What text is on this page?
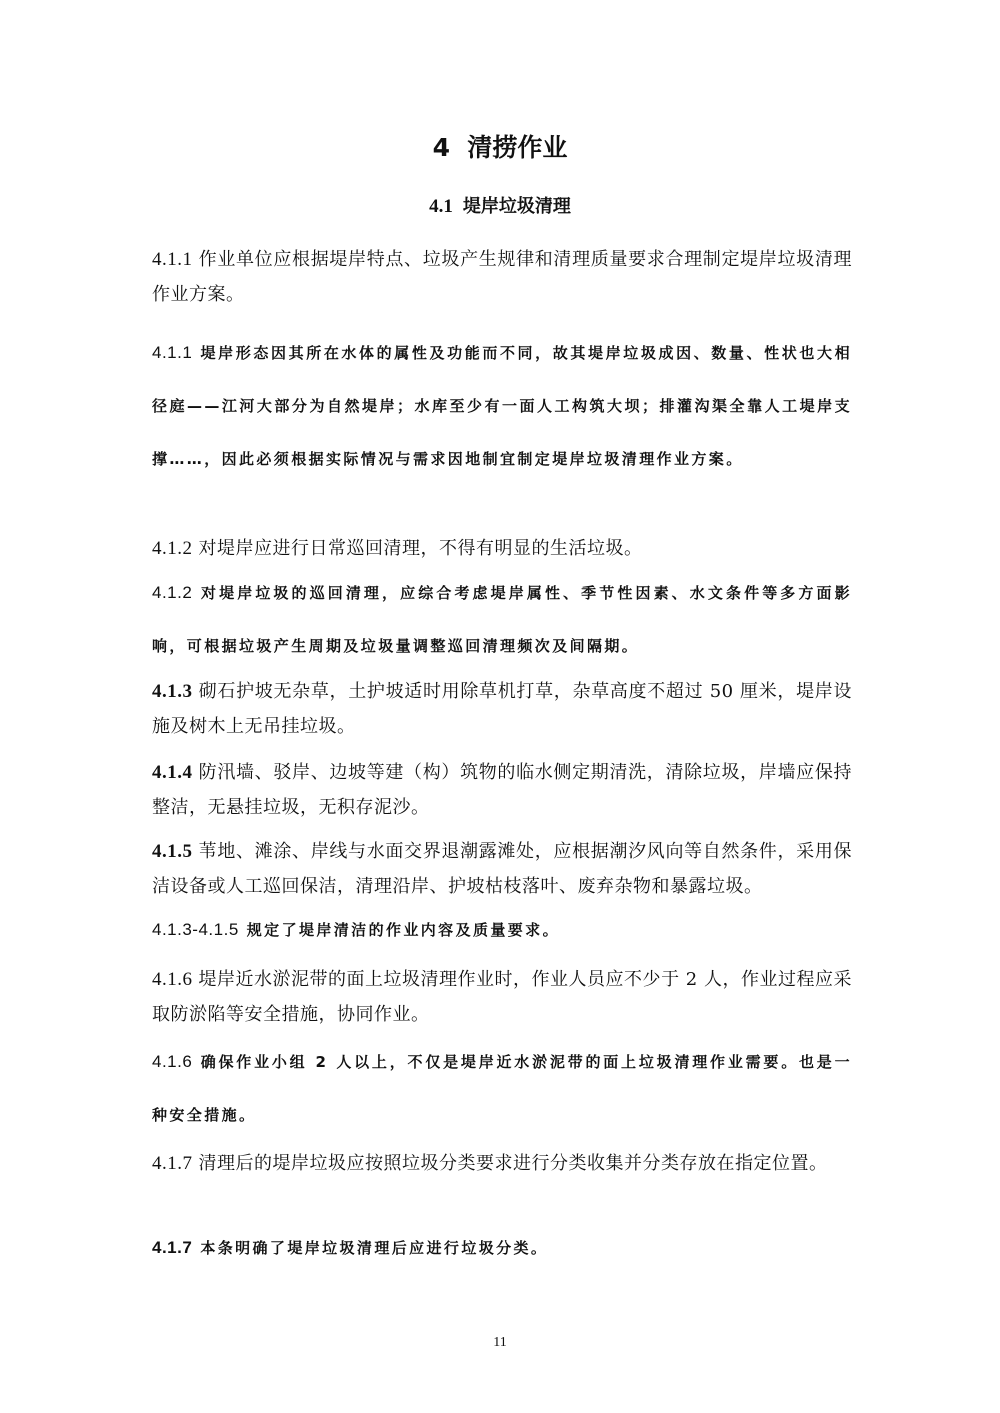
4 清捞作业
4.1 堤岸垃圾清理

4.1.1 作业单位应根据堤岸特点、垃圾产生规律和清理质量要求合理制定堤岸垃圾清理作业方案。

4.1.1 堤岸形态因其所在水体的属性及功能而不同，故其堤岸垃圾成因、数量、性状也大相径庭——江河大部分为自然堤岸；水库至少有一面人工构筑大坝；排灌沟渠全靠人工堤岸支撑……，因此必须根据实际情况与需求因地制宜制定堤岸垃圾清理作业方案。

4.1.2 对堤岸应进行日常巡回清理，不得有明显的生活垃圾。

4.1.2 对堤岸垃圾的巡回清理，应综合考虑堤岸属性、季节性因素、水文条件等多方面影响，可根据垃圾产生周期及垃圾量调整巡回清理频次及间隔期。

4.1.3 砌石护坡无杂草，土护坡适时用除草机打草，杂草高度不超过 50 厘米，堤岸设施及树木上无吊挂垃圾。

4.1.4 防汛墙、驳岸、边坡等建（构）筑物的临水侧定期清洗，清除垃圾，岸墙应保持整洁，无悬挂垃圾，无积存泥沙。

4.1.5 苇地、滩涂、岸线与水面交界退潮露滩处，应根据潮汐风向等自然条件，采用保洁设备或人工巡回保洁，清理沿岸、护坡枯枝落叶、废弃杂物和暴露垃圾。

4.1.3-4.1.5 规定了堤岸清洁的作业内容及质量要求。

4.1.6 堤岸近水淤泥带的面上垃圾清理作业时，作业人员应不少于 2 人，作业过程应采取防淤陷等安全措施，协同作业。

4.1.6 确保作业小组 2 人以上，不仅是堤岸近水淤泥带的面上垃圾清理作业需要。也是一种安全措施。

4.1.7 清理后的堤岸垃圾应按照垃圾分类要求进行分类收集并分类存放在指定位置。

4.1.7 本条明确了堤岸垃圾清理后应进行垃圾分类。

11
